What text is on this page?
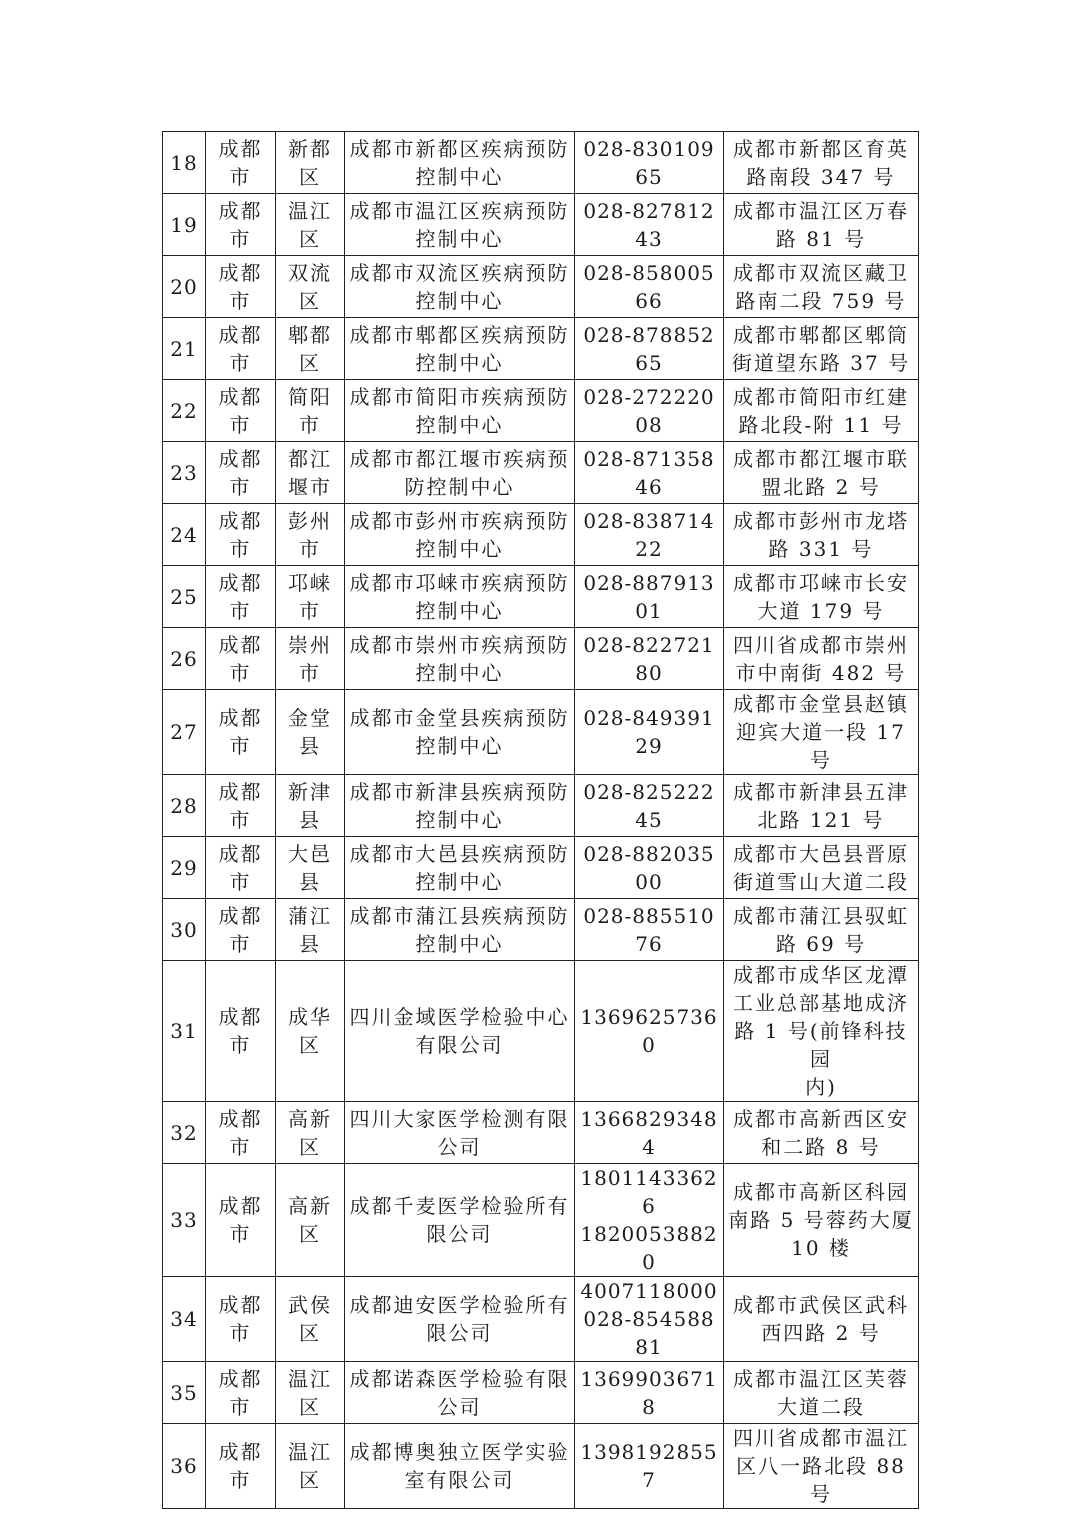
18	成都市	新都区	成都市新都区疾病预防
控制中心	028-83010965	成都市新都区育英
路南段 347 号

19	成都市	温江区	成都市温江区疾病预防
控制中心	028-82781243	成都市温江区万春
路 81 号

20	成都市	双流区	成都市双流区疾病预防
控制中心	028-85800566	成都市双流区藏卫
路南二段 759 号

21	成都市	郫都区	成都市郫都区疾病预防
控制中心	028-87885265	成都市郫都区郫筒
街道望东路 37 号

22	成都市	简阳市	成都市简阳市疾病预防
控制中心	028-27222008	成都市简阳市红建
路北段-附 11 号

23	成都市	都江堰市	成都市都江堰市疾病预
防控制中心	028-87135846	成都市都江堰市联
盟北路 2 号

24	成都市	彭州市	成都市彭州市疾病预防
控制中心	028-83871422	成都市彭州市龙塔
路 331 号

25	成都市	邛崃市	成都市邛崃市疾病预防
控制中心	028-88791301	成都市邛崃市长安
大道 179 号

26	成都市	崇州市	成都市崇州市疾病预防
控制中心	028-82272180	四川省成都市崇州
市中南街 482 号

27	成都市	金堂县	成都市金堂县疾病预防
控制中心	028-84939129	成都市金堂县赵镇
迎宾大道一段 17 号

28	成都市	新津县	成都市新津县疾病预防
控制中心	028-82522245	成都市新津县五津
北路 121 号

29	成都市	大邑县	成都市大邑县疾病预防
控制中心	028-88203500	成都市大邑县晋原
街道雪山大道二段

30	成都市	蒲江县	成都市蒲江县疾病预防
控制中心	028-88551076	成都市蒲江县驭虹
路 69 号

31	成都市	成华区	四川金域医学检验中心
有限公司	13696257360	成都市成华区龙潭
工业总部基地成济
路 1 号(前锋科技园
内)

32	成都市	高新区	四川大家医学检测有限
公司	13668293484	成都市高新西区安
和二路 8 号

33	成都市	高新区	成都千麦医学检验所有
限公司	18011433626
18200538820	成都市高新区科园
南路 5 号蓉药大厦
10 楼

34	成都市	武侯区	成都迪安医学检验所有
限公司	4007118000
028-85458881	成都市武侯区武科
西四路 2 号

35	成都市	温江区	成都诺森医学检验有限
公司	13699036718	成都市温江区芙蓉
大道二段

36	成都市	温江区	成都博奥独立医学实验
室有限公司	13981928557	四川省成都市温江
区八一路北段 88 号
